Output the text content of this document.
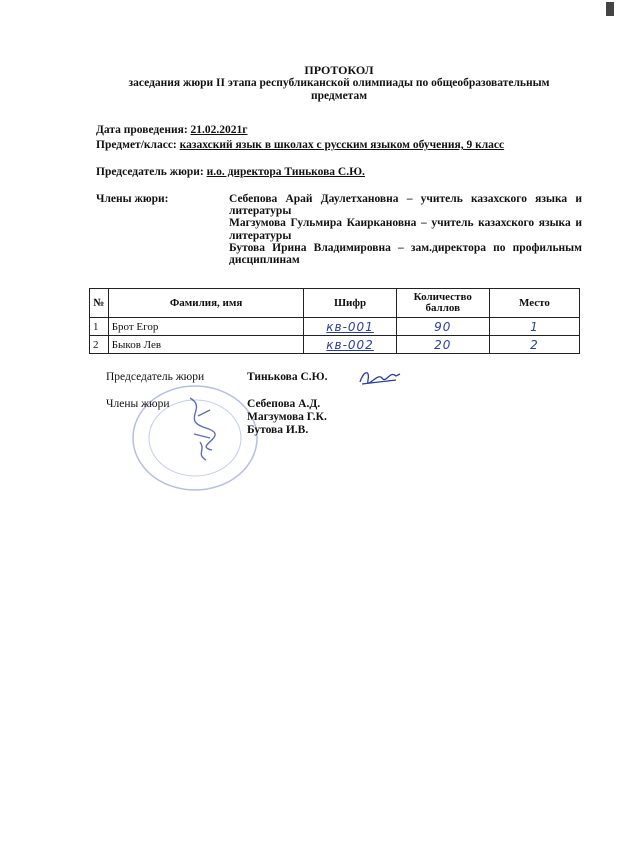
ПРОТОКОЛ
заседания жюри II этапа республиканской олимпиады по общеобразовательным
предметам
Дата проведения: 21.02.2021г
Предмет/класс: казахский язык в школах с русским языком обучения, 9 класс
Председатель жюри: и.о. директора Тинькова С.Ю.
Члены жюри:	Себепова Арай Даулетхановна – учитель казахского языка и литературы
Магзумова Гульмира Каиркановна – учитель казахского языка и литературы
Бутова Ирина Владимировна – зам.директора по профильным дисциплинам
№	Фамилия, имя	Шифр	Количество баллов	Место
1	Брот Егор	кв-001	90	1
2	Быков Лев	кв-002	20	2
Председатель жюри	Тинькова С.Ю.
Члены жюри	Себепова А.Д.
Магзумова Г.К.
Бутова И.В.
